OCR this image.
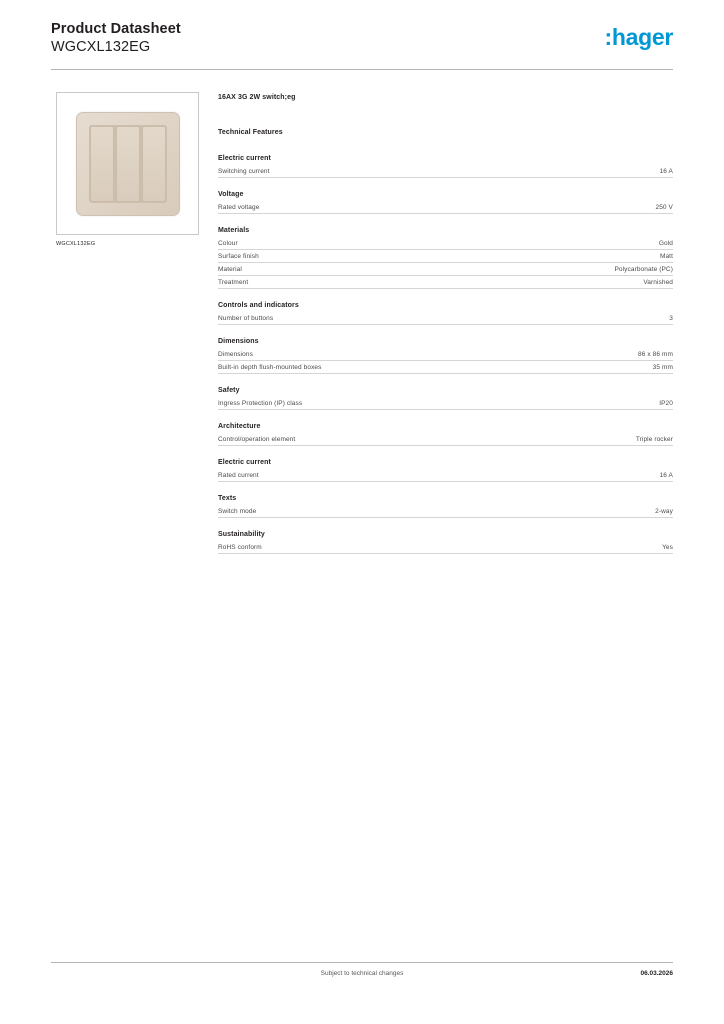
Product Datasheet
WGCXL132EG	:hager
WGCXL132EG
16AX 3G 2W switch;eg
Technical Features
Electric current
Switching current	16 A
Voltage
Rated voltage	250 V
Materials
Colour	Gold
Surface finish	Matt
Material	Polycarbonate (PC)
Treatment	Varnished
Controls and indicators
Number of buttons	3
Dimensions
Dimensions	86 x 86 mm
Built-in depth flush-mounted boxes	35 mm
Safety
Ingress Protection (IP) class	IP20
Architecture
Control/operation element	Triple rocker
Electric current
Rated current	16 A
Texts
Switch mode	2-way
Sustainability
RoHS conform	Yes
Subject to technical changes	06.03.2026
